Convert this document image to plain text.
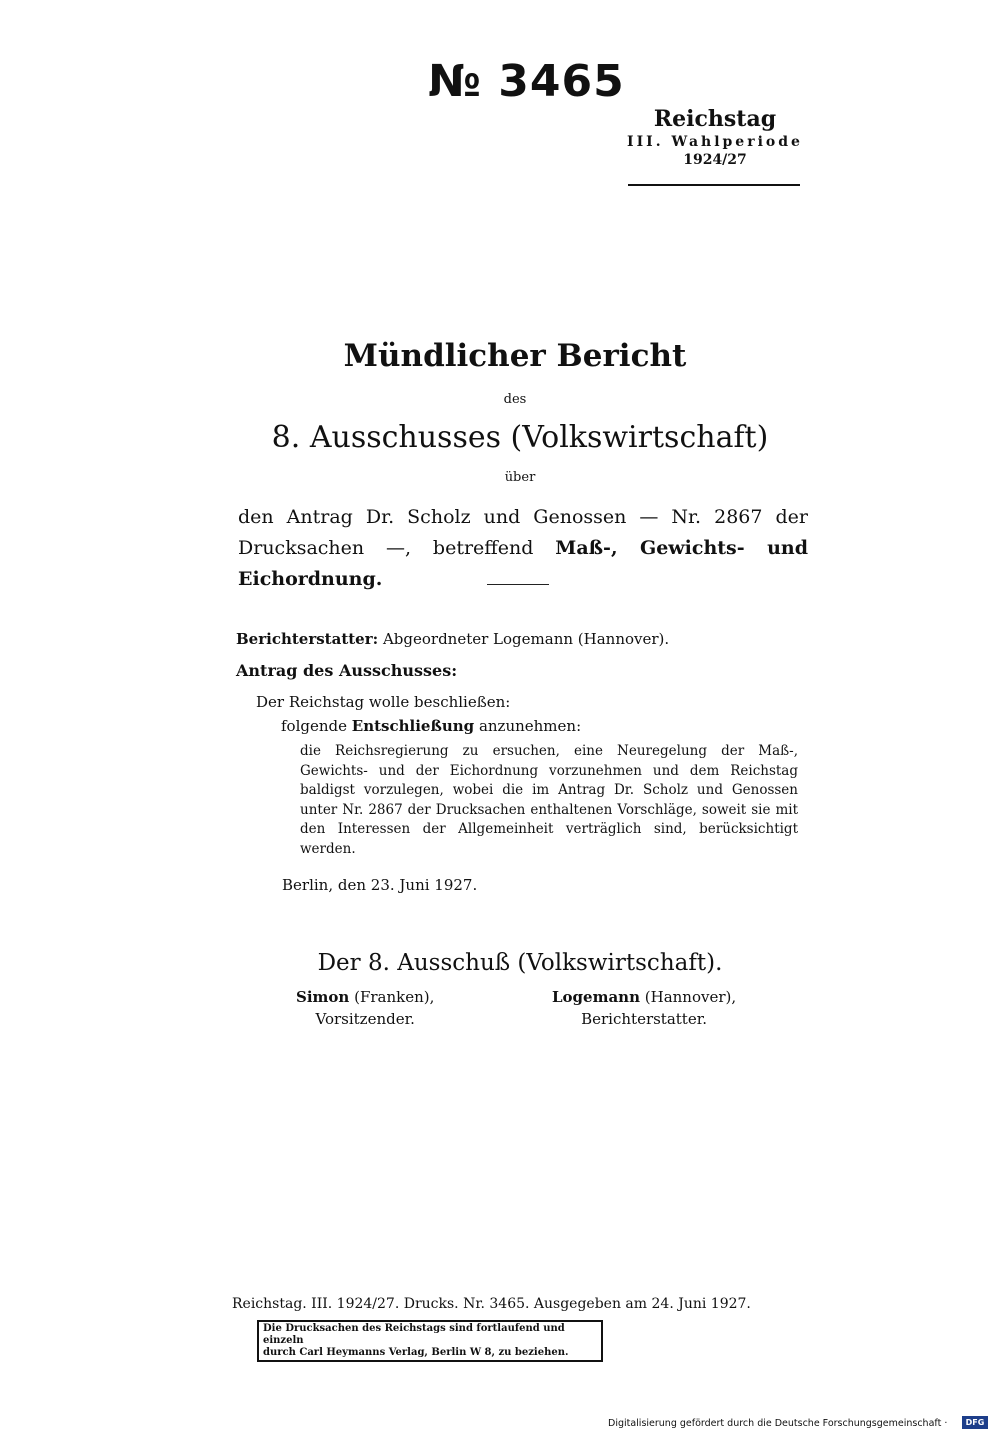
№ 3465
Reichstag
III. Wahlperiode
1924/27
Mündlicher Bericht
des
8. Ausschusses (Volkswirtschaft)
über
den Antrag Dr. Scholz und Genossen — Nr. 2867 der Drucksachen —, betreffend Maß-, Gewichts- und Eichordnung.
Berichterstatter: Abgeordneter Logemann (Hannover).
Antrag des Ausschusses:
Der Reichstag wolle beschließen:
folgende Entschließung anzunehmen:
die Reichsregierung zu ersuchen, eine Neuregelung der Maß-, Gewichts- und der Eichordnung vorzunehmen und dem Reichstag baldigst vorzulegen, wobei die im Antrag Dr. Scholz und Genossen unter Nr. 2867 der Drucksachen enthaltenen Vorschläge, soweit sie mit den Interessen der Allgemeinheit verträglich sind, berücksichtigt werden.
Berlin, den 23. Juni 1927.
Der 8. Ausschuß (Volkswirtschaft).
Simon (Franken),
Vorsitzender.
Logemann (Hannover),
Berichterstatter.
Reichstag. III. 1924/27. Drucks. Nr. 3465. Ausgegeben am 24. Juni 1927.
Die Drucksachen des Reichstags sind fortlaufend und einzeln
durch Carl Heymanns Verlag, Berlin W 8, zu beziehen.
Digitalisierung gefördert durch die Deutsche Forschungsgemeinschaft ·	DFG
